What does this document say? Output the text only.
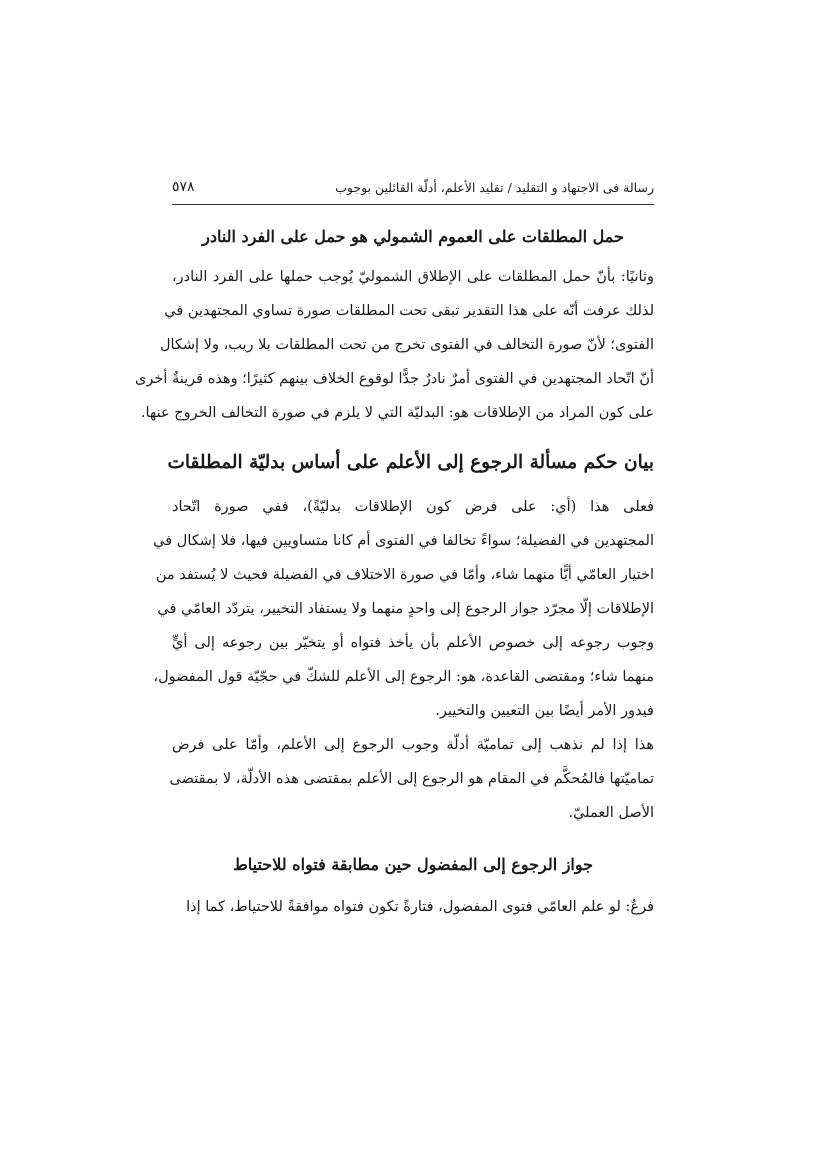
رسالة فى الاجتهاد و التقليد / تقليد الأعلم، أدلّة القائلين بوجوب
٥٧٨
حمل المطلقات على العموم الشمولي هو حمل على الفرد النادر
وثانيًا: بأنّ حمل المطلقات على الإطلاق الشموليّ يُوجب حملها على الفرد النادر،
لذلك عرفت أنّه على هذا التقدير تبقى تحت المطلقات صورة تساوي المجتهدين في
الفتوى؛ لأنّ صورة التخالف في الفتوى تخرج من تحت المطلقات بلا ريب، ولا إشكال
أنّ اتّحاد المجتهدين في الفتوى أمرٌ نادرٌ جدًّا لوقوع الخلاف بينهم كثيرًا؛ وهذه قرينةٌ أخرى
على كون المراد من الإطلاقات هو: البدليّة التي لا يلزم في صورة التخالف الخروج عنها.
بيان حكم مسألة الرجوع إلى الأعلم على أساس بدليّة المطلقات
فعلى هذا (أي: على فرض كون الإطلاقات بدليّةً)، ففي صورة اتّحاد
المجتهدين في الفضيلة؛ سواءً تخالفا في الفتوى أم كانا متساويين فيها، فلا إشكال في
اختيار العامّي أيًّا منهما شاء، وأمّا في صورة الاختلاف في الفضيلة فحيث لا يُستفد من
الإطلاقات إلّا مجرّد جواز الرجوع إلى واحدٍ منهما ولا يستفاد التخيير، يتردّد العامّي في
وجوب رجوعه إلى خصوص الأعلم بأن يأخذ فتواه أو يتخيّر بين رجوعه إلى أيٍّ
منهما شاء؛ ومقتضى القاعدة، هو: الرجوع إلى الأعلم للشكّ في حجّيّة قول المفضول،
فيدور الأمر أيضًا بين التعيين والتخيير.
هذا إذا لم نذهب إلى تماميّة أدلّة وجوب الرجوع إلى الأعلم، وأمّا على فرض
تماميّتها فالمُحكَّم في المقام هو الرجوع إلى الأعلم بمقتضى هذه الأدلّة، لا بمقتضى
الأصل العمليّ.
جواز الرجوع إلى المفضول حين مطابقة فتواه للاحتياط
فرعٌ: لو علم العامّي فتوى المفضول، فتارةً تكون فتواه موافقةً للاحتياط، كما إذا
